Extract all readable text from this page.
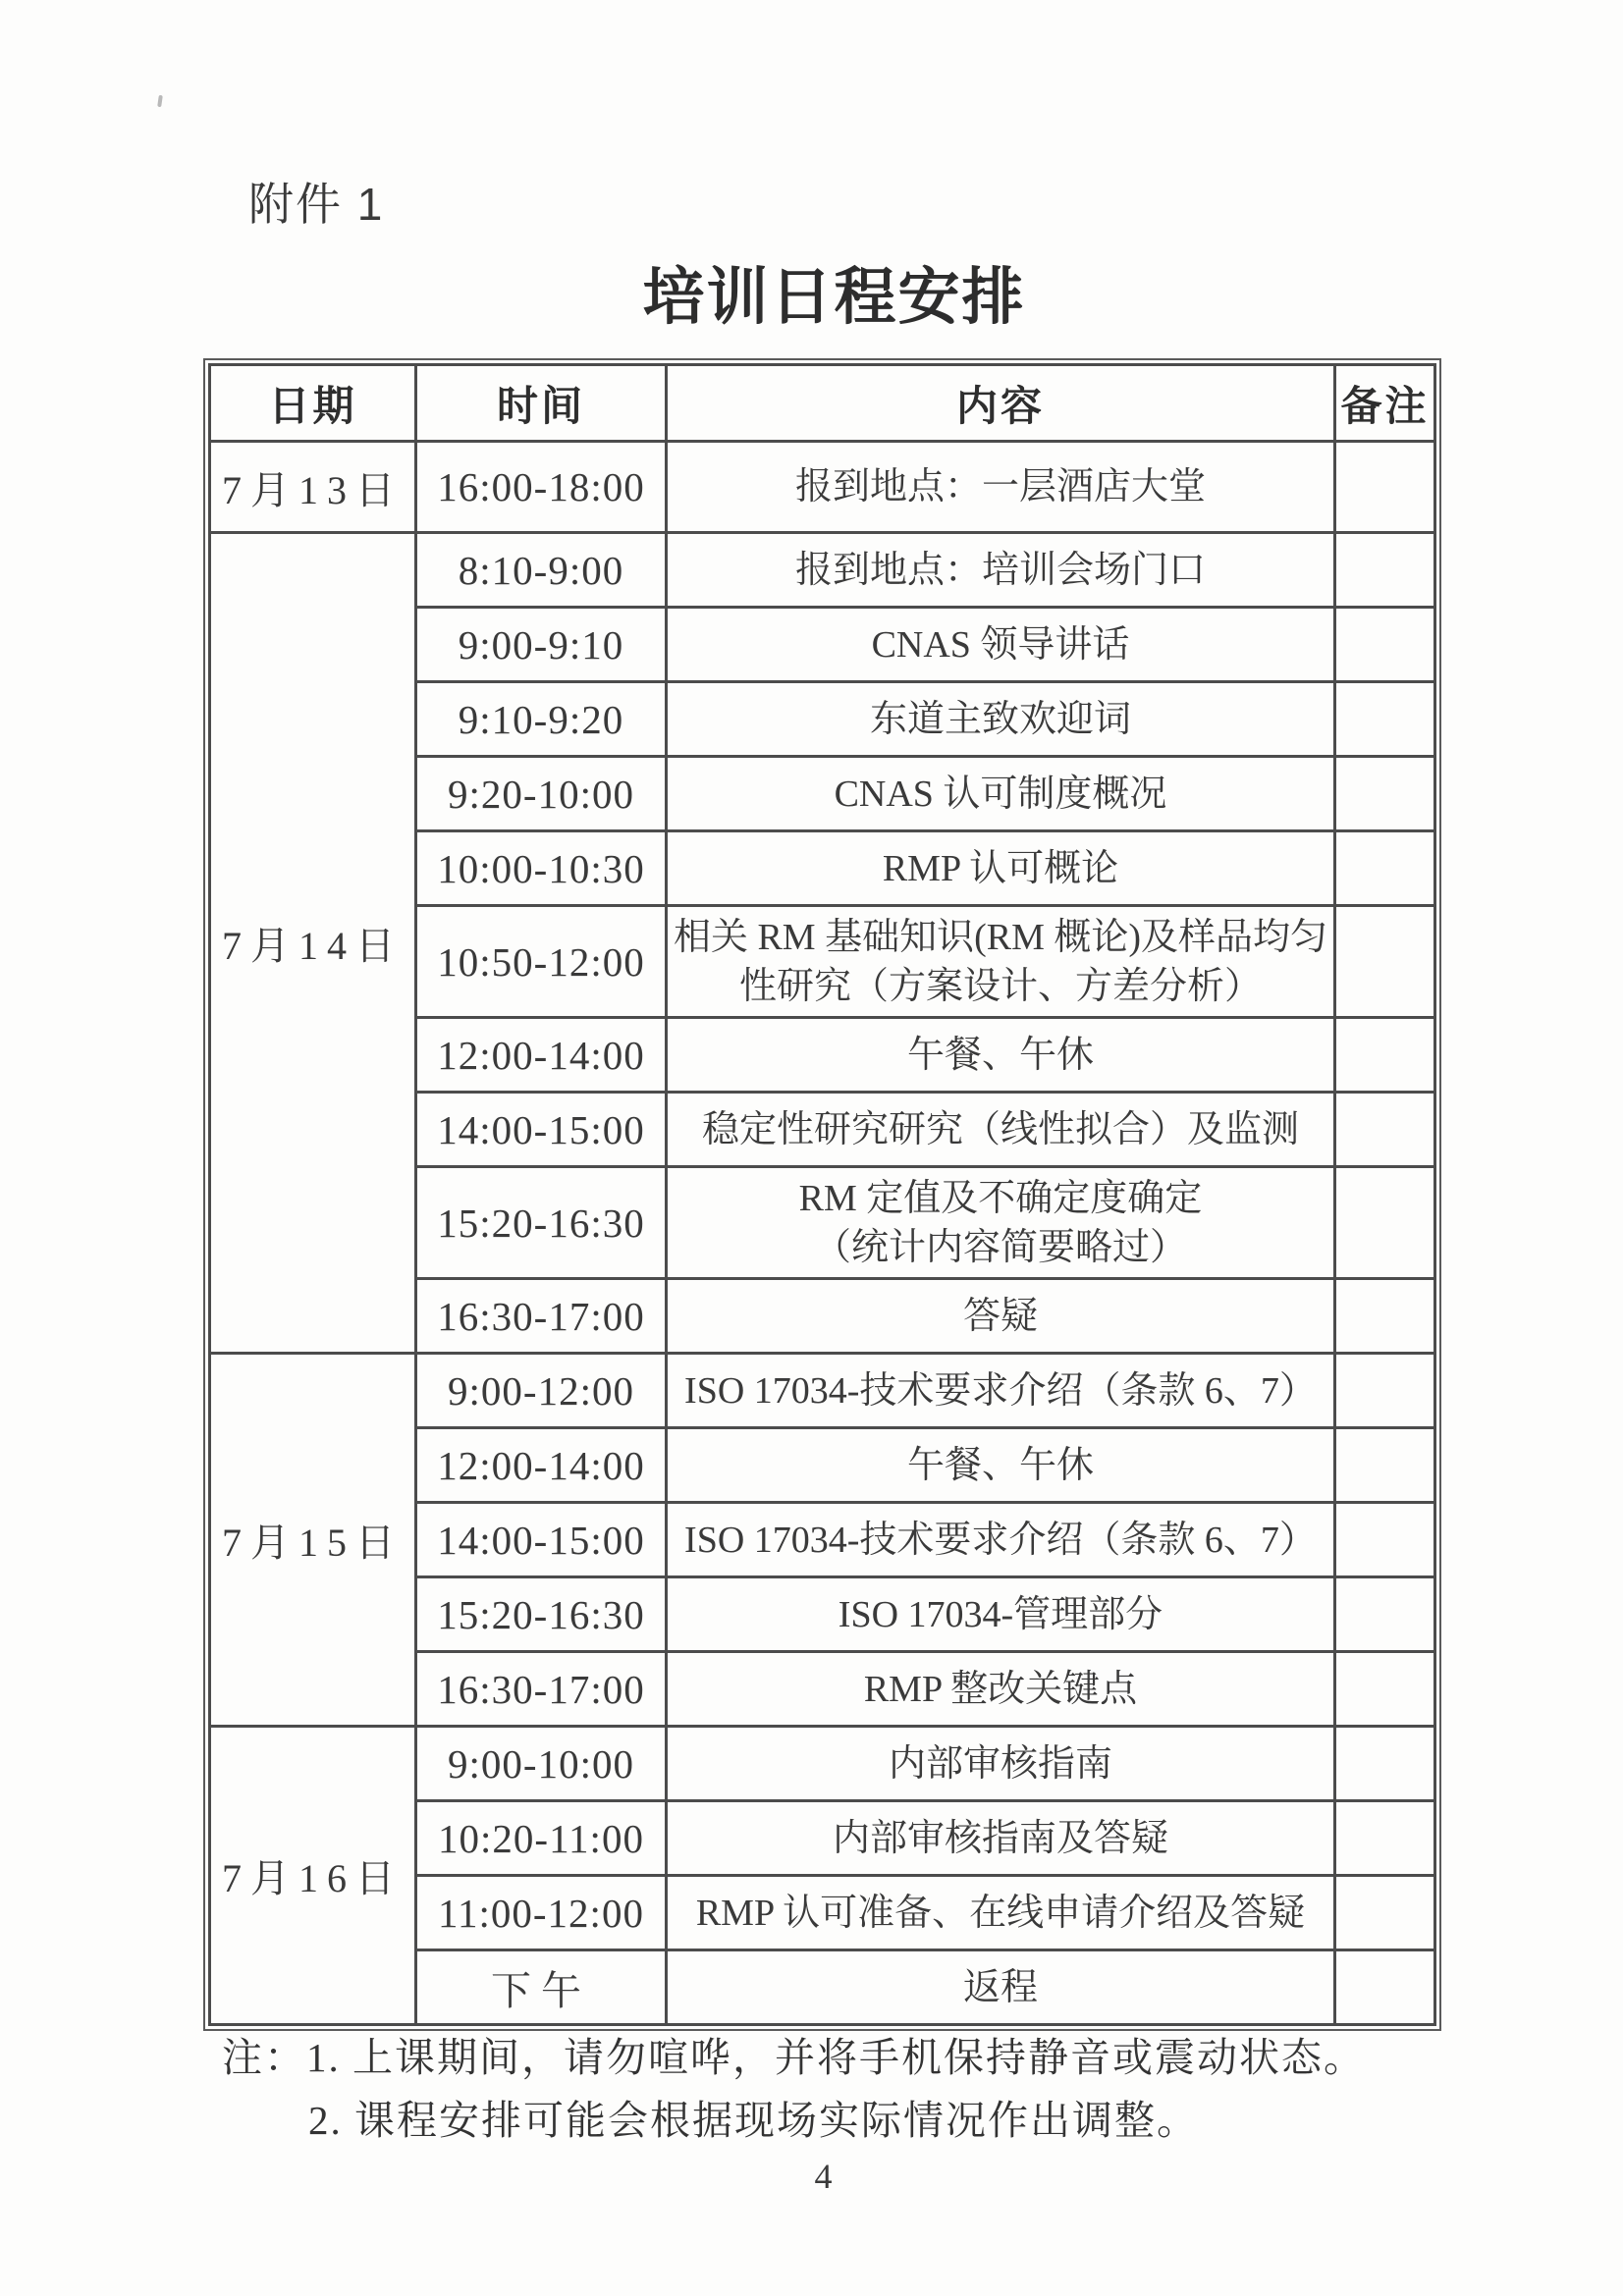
附件 1
培训日程安排
日期	时间	内容	备注
7月13日	16:00-18:00	报到地点：一层酒店大堂	

7月14日	8:10-9:00	报到地点：培训会场门口	

	9:00-9:10	CNAS 领导讲话	

	9:10-9:20	东道主致欢迎词	

	9:20-10:00	CNAS 认可制度概况	

	10:00-10:30	RMP 认可概论	

	10:50-12:00	相关 RM 基础知识(RM 概论)及样品均匀
性研究（方案设计、方差分析）	

	12:00-14:00	午餐、午休	

	14:00-15:00	稳定性研究研究（线性拟合）及监测	

	15:20-16:30	RM 定值及不确定度确定
（统计内容简要略过）	

	16:30-17:00	答疑	

7月15日	9:00-12:00	ISO 17034-技术要求介绍（条款 6、7）	

	12:00-14:00	午餐、午休	

	14:00-15:00	ISO 17034-技术要求介绍（条款 6、7）	

	15:20-16:30	ISO 17034-管理部分	

	16:30-17:00	RMP 整改关键点	

7月16日	9:00-10:00	内部审核指南	

	10:20-11:00	内部审核指南及答疑	

	11:00-12:00	RMP 认可准备、在线申请介绍及答疑	

	下午	返程	

注：1. 上课期间，请勿喧哗，并将手机保持静音或震动状态。
2. 课程安排可能会根据现场实际情况作出调整。
4
